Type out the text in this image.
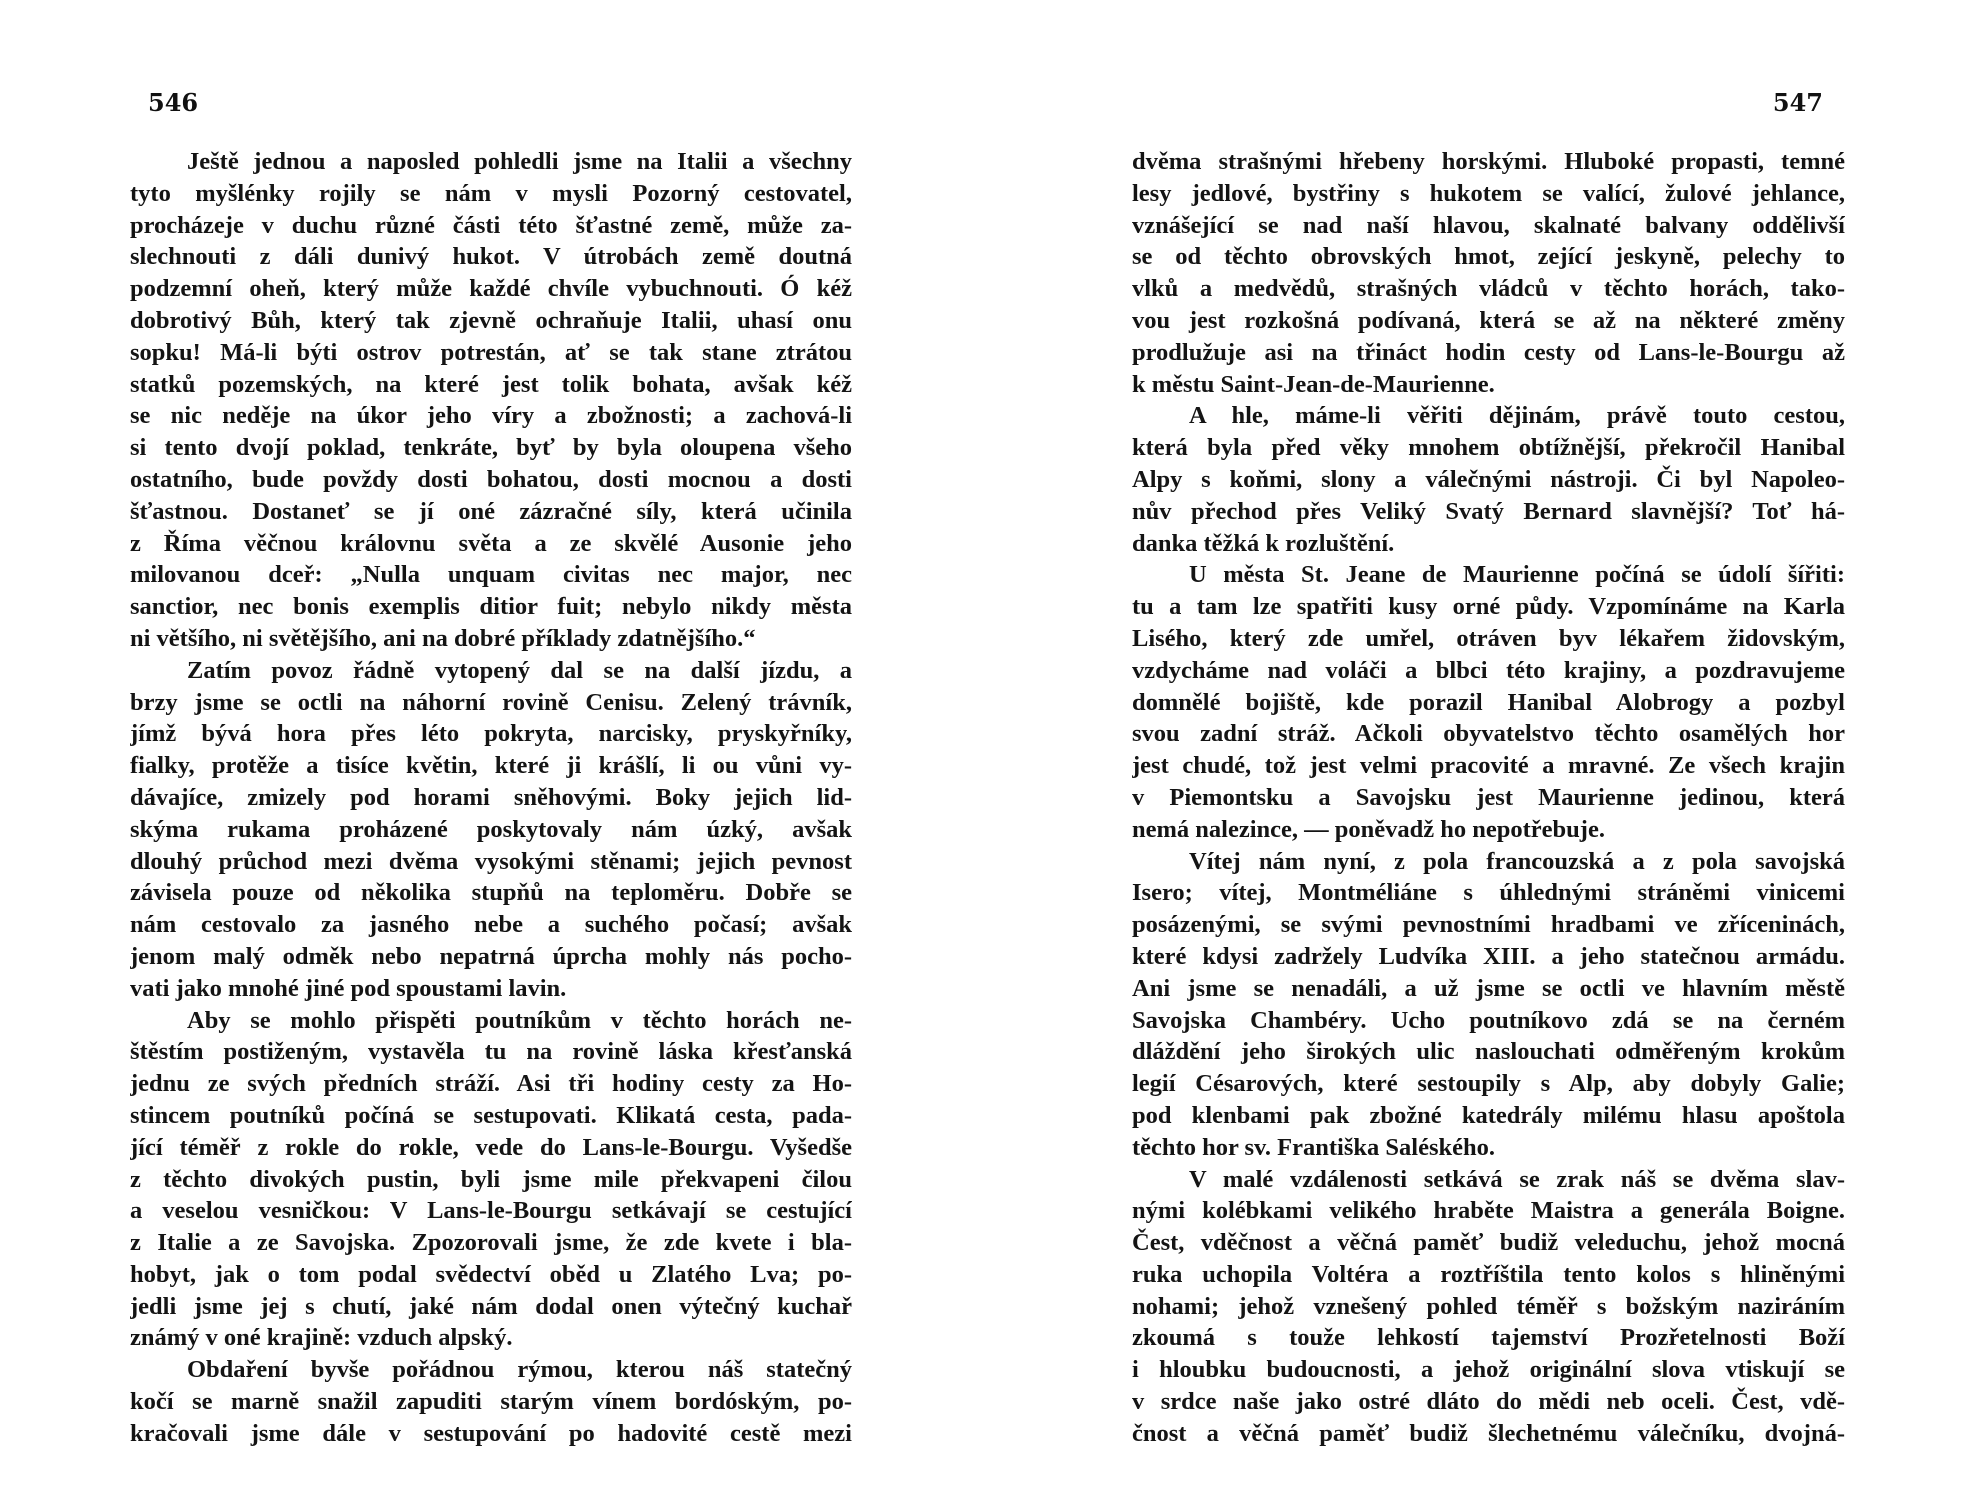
546
Ještě jednou a naposled pohledli jsme na Italii a všechny
tyto myšlénky rojily se nám v mysli Pozorný cestovatel,
procházeje v duchu různé části této šťastné země, může za-
slechnouti z dáli dunivý hukot. V útrobách země doutná
podzemní oheň, který může každé chvíle vybuchnouti. Ó kéž
dobrotivý Bůh, který tak zjevně ochraňuje Italii, uhasí onu
sopku! Má-li býti ostrov potrestán, ať se tak stane ztrátou
statků pozemských, na které jest tolik bohata, avšak kéž
se nic neděje na úkor jeho víry a zbožnosti; a zachová-li
si tento dvojí poklad, tenkráte, byť by byla oloupena všeho
ostatního, bude povždy dosti bohatou, dosti mocnou a dosti
šťastnou. Dostaneť se jí oné zázračné síly, která učinila
z Říma věčnou královnu světa a ze skvělé Ausonie jeho
milovanou dceř: „Nulla unquam civitas nec major, nec
sanctior, nec bonis exemplis ditior fuit; nebylo nikdy města
ni většího, ni světějšího, ani na dobré příklady zdatnějšího.“
Zatím povoz řádně vytopený dal se na další jízdu, a
brzy jsme se octli na náhorní rovině Cenisu. Zelený trávník,
jímž bývá hora přes léto pokryta, narcisky, pryskyřníky,
fialky, protěže a tisíce květin, které ji krášlí, li ou vůni vy-
dávajíce, zmizely pod horami sněhovými. Boky jejich lid-
skýma rukama proházené poskytovaly nám úzký, avšak
dlouhý průchod mezi dvěma vysokými stěnami; jejich pevnost
závisela pouze od několika stupňů na teploměru. Dobře se
nám cestovalo za jasného nebe a suchého počasí; avšak
jenom malý odměk nebo nepatrná úprcha mohly nás pocho-
vati jako mnohé jiné pod spoustami lavin.
Aby se mohlo přispěti poutníkům v těchto horách ne-
štěstím postiženým, vystavěla tu na rovině láska křesťanská
jednu ze svých předních stráží. Asi tři hodiny cesty za Ho-
stincem poutníků počíná se sestupovati. Klikatá cesta, pada-
jící téměř z rokle do rokle, vede do Lans-le-Bourgu. Vyšedše
z těchto divokých pustin, byli jsme mile překvapeni čilou
a veselou vesničkou: V Lans-le-Bourgu setkávají se cestující
z Italie a ze Savojska. Zpozorovali jsme, že zde kvete i bla-
hobyt, jak o tom podal svědectví oběd u Zlatého Lva; po-
jedli jsme jej s chutí, jaké nám dodal onen výtečný kuchař
známý v oné krajině: vzduch alpský.
Obdaření byvše pořádnou rýmou, kterou náš statečný
kočí se marně snažil zapuditi starým vínem bordóským, po-
kračovali jsme dále v sestupování po hadovité cestě mezi
547
dvěma strašnými hřebeny horskými. Hluboké propasti, temné
lesy jedlové, bystřiny s hukotem se valící, žulové jehlance,
vznášející se nad naší hlavou, skalnaté balvany oddělivší
se od těchto obrovských hmot, zející jeskyně, pelechy to
vlků a medvědů, strašných vládců v těchto horách, tako-
vou jest rozkošná podívaná, která se až na některé změny
prodlužuje asi na třináct hodin cesty od Lans-le-Bourgu až
k městu Saint-Jean-de-Maurienne.
A hle, máme-li věřiti dějinám, právě touto cestou,
která byla před věky mnohem obtížnější, překročil Hanibal
Alpy s koňmi, slony a válečnými nástroji. Či byl Napoleo-
nův přechod přes Veliký Svatý Bernard slavnější? Toť há-
danka těžká k rozluštění.
U města St. Jeane de Maurienne počíná se údolí šířiti:
tu a tam lze spatřiti kusy orné půdy. Vzpomínáme na Karla
Lisého, který zde umřel, otráven byv lékařem židovským,
vzdycháme nad voláči a blbci této krajiny, a pozdravujeme
domnělé bojiště, kde porazil Hanibal Alobrogy a pozbyl
svou zadní stráž. Ačkoli obyvatelstvo těchto osamělých hor
jest chudé, tož jest velmi pracovité a mravné. Ze všech krajin
v Piemontsku a Savojsku jest Maurienne jedinou, která
nemá nalezince, — poněvadž ho nepotřebuje.
Vítej nám nyní, z pola francouzská a z pola savojská
Isero; vítej, Montméliáne s úhlednými stráněmi vinicemi
posázenými, se svými pevnostními hradbami ve zříceninách,
které kdysi zadržely Ludvíka XIII. a jeho statečnou armádu.
Ani jsme se nenadáli, a už jsme se octli ve hlavním městě
Savojska Chambéry. Ucho poutníkovo zdá se na černém
dláždění jeho širokých ulic naslouchati odměřeným krokům
legií Césarových, které sestoupily s Alp, aby dobyly Galie;
pod klenbami pak zbožné katedrály milému hlasu apoštola
těchto hor sv. Františka Saléského.
V malé vzdálenosti setkává se zrak náš se dvěma slav-
nými kolébkami velikého hraběte Maistra a generála Boigne.
Čest, vděčnost a věčná paměť budiž veleduchu, jehož mocná
ruka uchopila Voltéra a roztříštila tento kolos s hliněnými
nohami; jehož vznešený pohled téměř s božským naziráním
zkoumá s touže lehkostí tajemství Prozřetelnosti Boží
i hloubku budoucnosti, a jehož originální slova vtiskují se
v srdce naše jako ostré dláto do mědi neb oceli. Čest, vdě-
čnost a věčná paměť budiž šlechetnému válečníku, dvojná-
